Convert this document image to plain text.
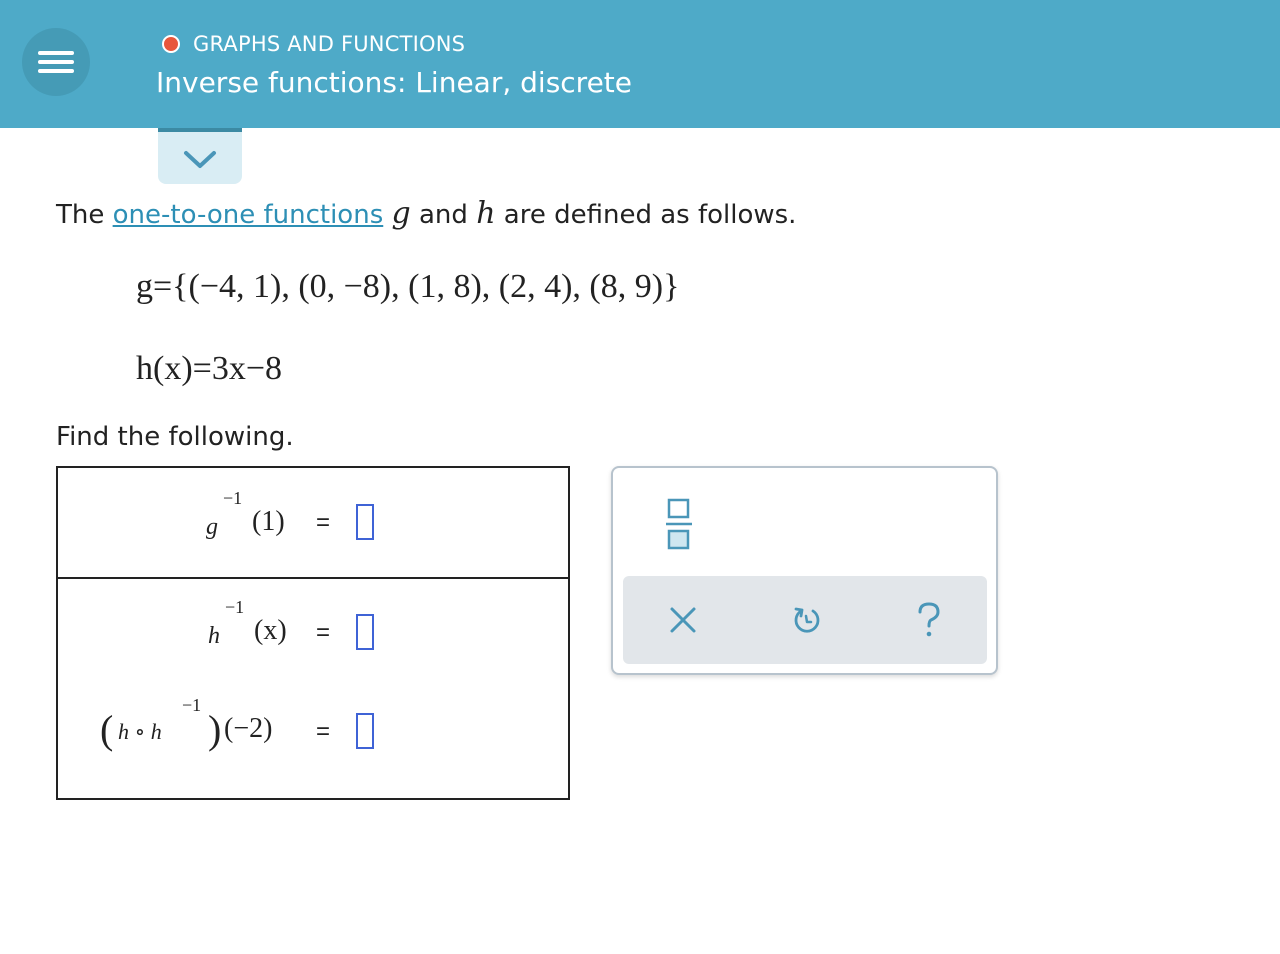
GRAPHS AND FUNCTIONS
Inverse functions: Linear, discrete
The one-to-one functions g and h are defined as follows.
g={(−4, 1), (0, −8), (1, 8), (2, 4), (8, 9)}
h(x)=3x−8
Find the following.
g
−1
(1) =
h
−1
(x) =
( h ∘ h
−1
) (−2) =
